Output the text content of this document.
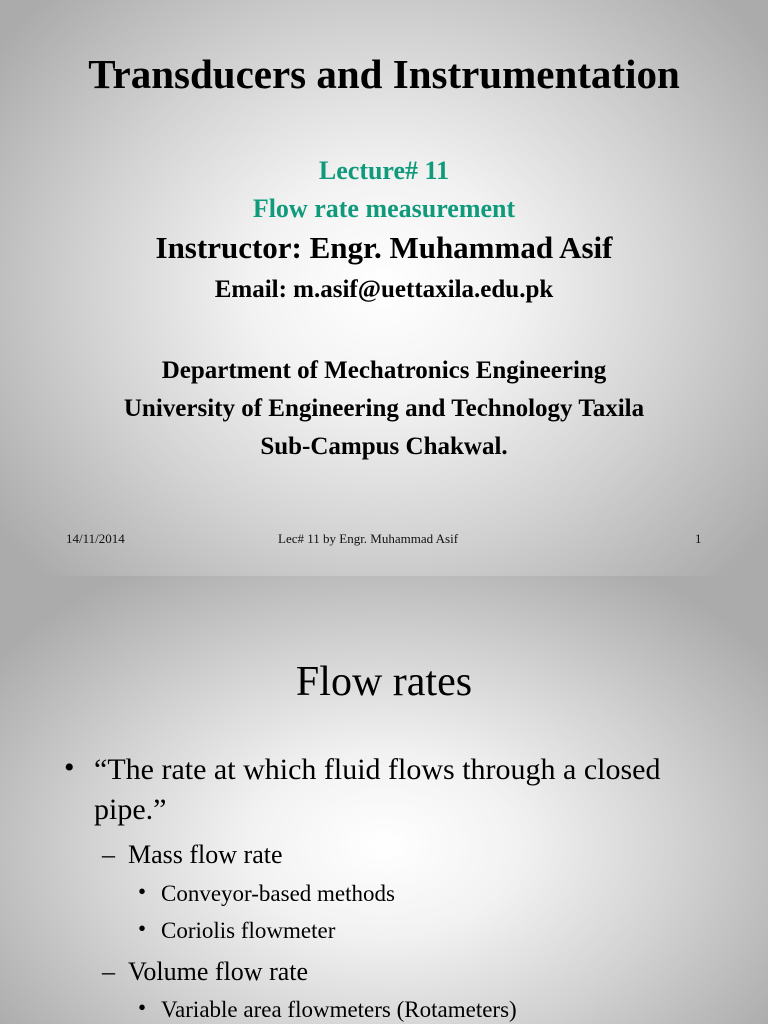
Transducers and Instrumentation
Lecture# 11
Flow rate measurement
Instructor: Engr. Muhammad Asif
Email: m.asif@uettaxila.edu.pk
Department of Mechatronics Engineering
University of Engineering and Technology Taxila
Sub-Campus Chakwal.
14/11/2014	Lec# 11 by Engr. Muhammad Asif	1
Flow rates
• “The rate at which fluid flows through a closed pipe.”
– Mass flow rate
• Conveyor-based methods
• Coriolis flowmeter
– Volume flow rate
• Variable area flowmeters (Rotameters)
